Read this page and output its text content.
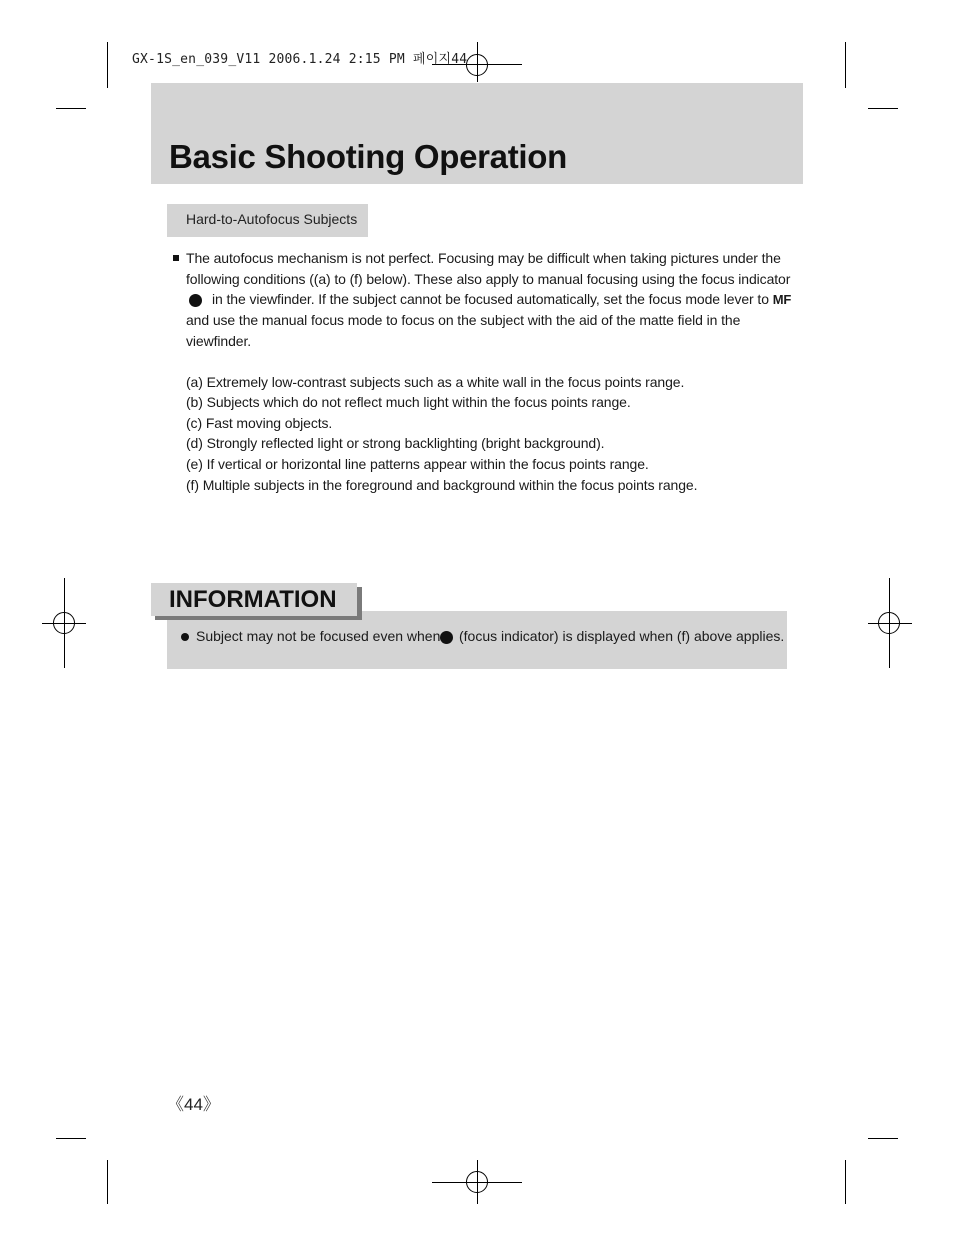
GX-1S_en_039_V11 2006.1.24 2:15 PM 페이지44
Basic Shooting Operation
Hard-to-Autofocus Subjects
The autofocus mechanism is not perfect. Focusing may be difficult when taking pictures under the
following conditions ((a) to (f) below). These also apply to manual focusing using the focus indicator
in the viewfinder. If the subject cannot be focused automatically, set the focus mode lever to MF
and use the manual focus mode to focus on the subject with the aid of the matte field in the
viewfinder.
(a) Extremely low-contrast subjects such as a white wall in the focus points range.
(b) Subjects which do not reflect much light within the focus points range.
(c) Fast moving objects.
(d) Strongly reflected light or strong backlighting (bright background).
(e) If vertical or horizontal line patterns appear within the focus points range.
(f) Multiple subjects in the foreground and background within the focus points range.
INFORMATION
Subject may not be focused even when (focus indicator) is displayed when (f) above applies.
《44》
